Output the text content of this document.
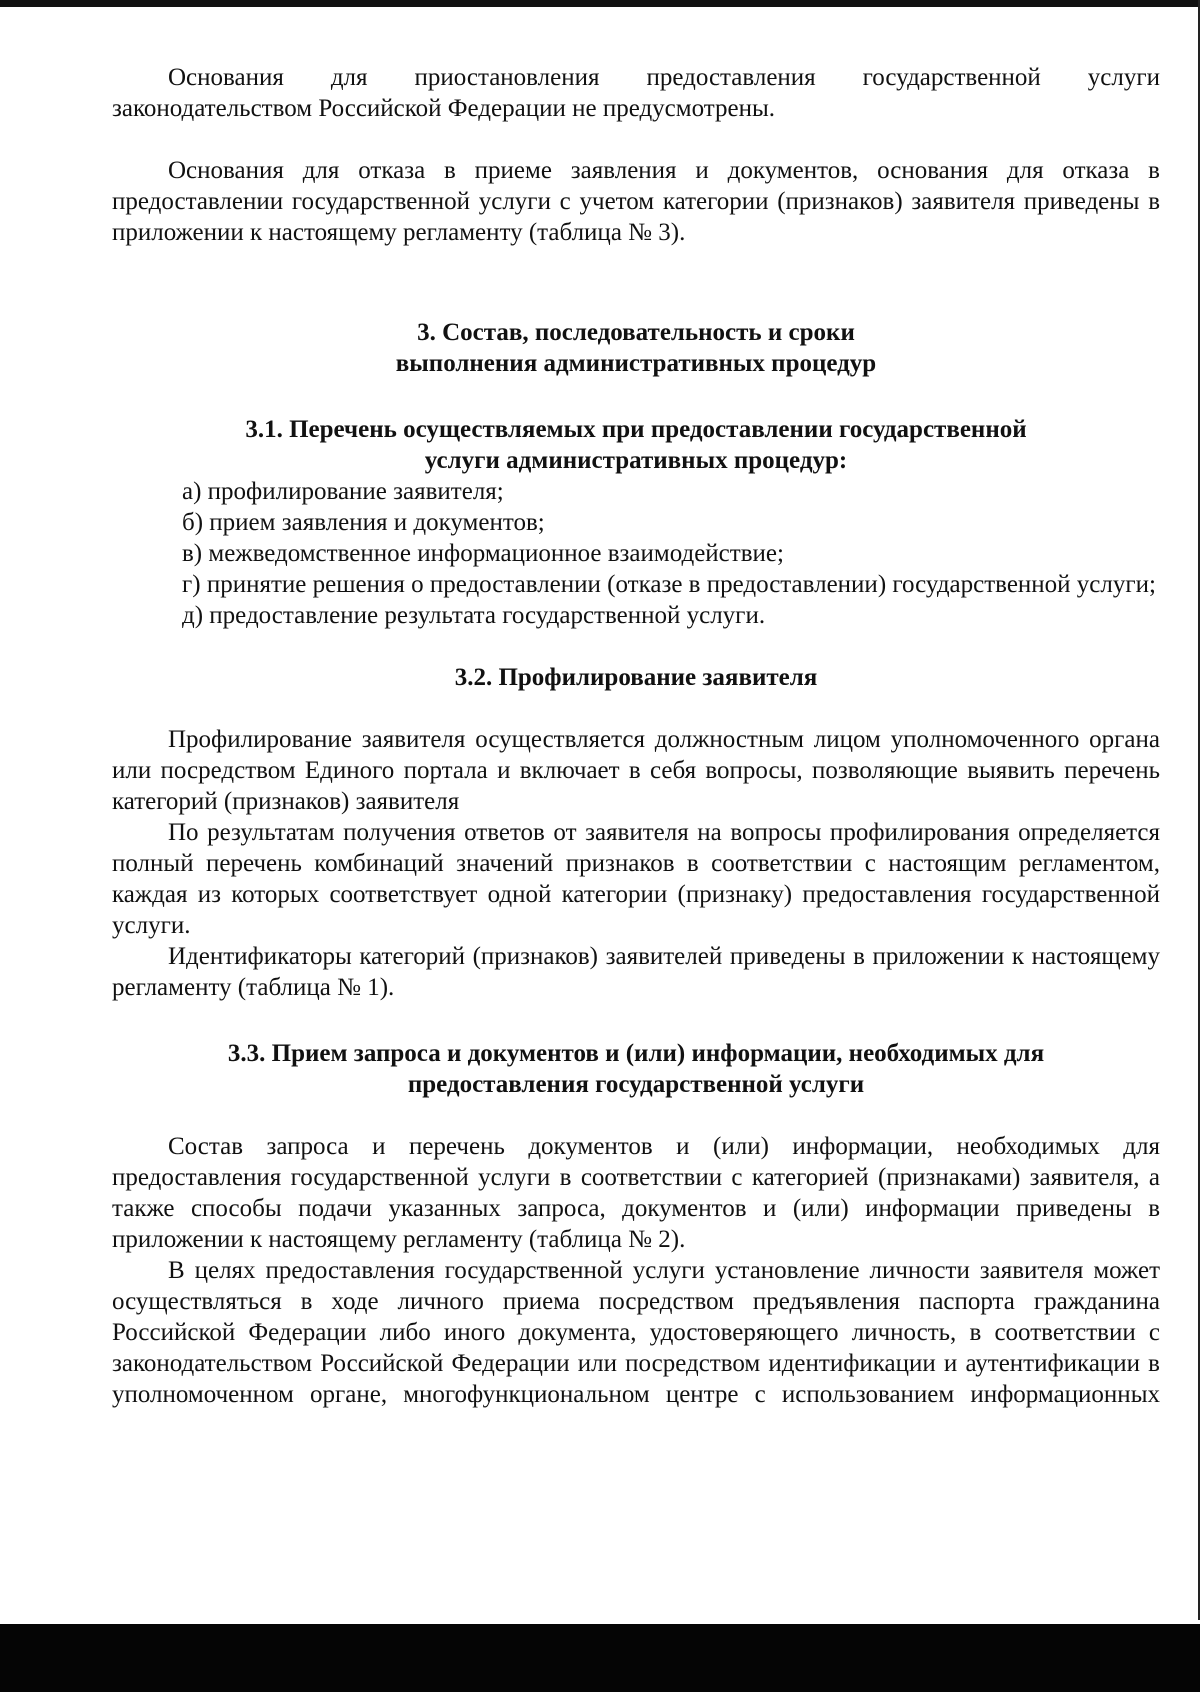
Основания для приостановления предоставления государственной услуги законодательством Российской Федерации не предусмотрены.

Основания для отказа в приеме заявления и документов, основания для отказа в предоставлении государственной услуги с учетом категории (признаков) заявителя приведены в приложении к настоящему регламенту (таблица № 3).

3. Состав, последовательность и сроки
выполнения административных процедур
3.1. Перечень осуществляемых при предоставлении государственной
услуги административных процедур:
а) профилирование заявителя;
б) прием заявления и документов;
в) межведомственное информационное взаимодействие;
г) принятие решения о предоставлении (отказе в предоставлении) государственной услуги;
д) предоставление результата государственной услуги.
3.2. Профилирование заявителя

Профилирование заявителя осуществляется должностным лицом уполномоченного органа или посредством Единого портала и включает в себя вопросы, позволяющие выявить перечень категорий (признаков) заявителя

По результатам получения ответов от заявителя на вопросы профилирования определяется полный перечень комбинаций значений признаков в соответствии с настоящим регламентом, каждая из которых соответствует одной категории (признаку) предоставления государственной услуги.

Идентификаторы категорий (признаков) заявителей приведены в приложении к настоящему регламенту (таблица № 1).

3.3. Прием запроса и документов и (или) информации, необходимых для
предоставления государственной услуги

Состав запроса и перечень документов и (или) информации, необходимых для предоставления государственной услуги в соответствии с категорией (признаками) заявителя, а также способы подачи указанных запроса, документов и (или) информации приведены в приложении к настоящему регламенту (таблица № 2).

В целях предоставления государственной услуги установление личности заявителя может осуществляться в ходе личного приема посредством предъявления паспорта гражданина Российской Федерации либо иного документа, удостоверяющего личность, в соответствии с законодательством Российской Федерации или посредством идентификации и аутентификации в уполномоченном органе, многофункциональном центре с использованием информационных
